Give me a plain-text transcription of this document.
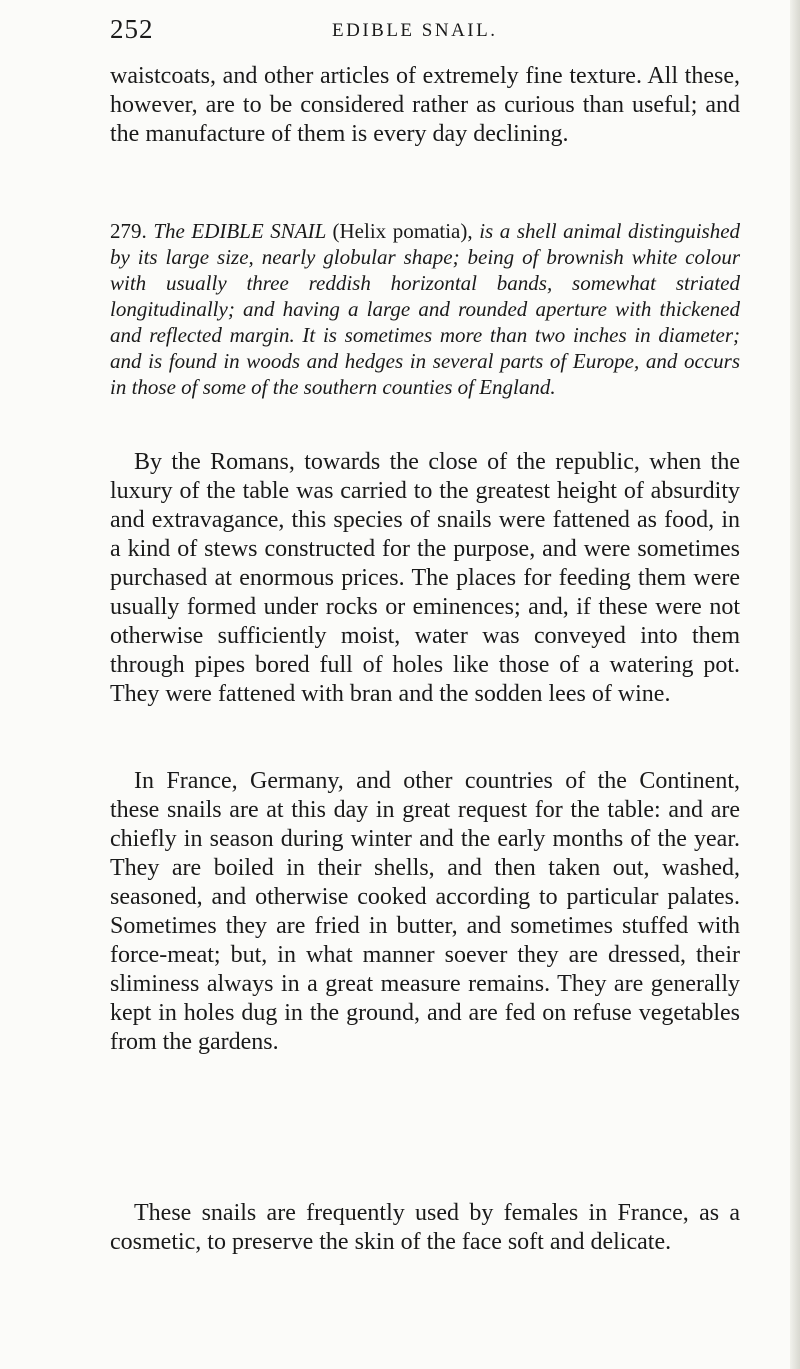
252	EDIBLE SNAIL.

waistcoats, and other articles of extremely fine texture. All these, however, are to be considered rather as curious than useful; and the manufacture of them is every day declining.

279. The EDIBLE SNAIL (Helix pomatia), is a shell animal distinguished by its large size, nearly globular shape; being of brownish white colour with usually three reddish horizontal bands, somewhat striated longitudinally; and having a large and rounded aperture with thickened and reflected margin. It is sometimes more than two inches in diameter; and is found in woods and hedges in several parts of Europe, and occurs in those of some of the southern counties of England.

By the Romans, towards the close of the republic, when the luxury of the table was carried to the greatest height of absurdity and extravagance, this species of snails were fattened as food, in a kind of stews constructed for the purpose, and were sometimes purchased at enormous prices. The places for feeding them were usually formed under rocks or eminences; and, if these were not otherwise sufficiently moist, water was conveyed into them through pipes bored full of holes like those of a watering pot. They were fattened with bran and the sodden lees of wine.

In France, Germany, and other countries of the Continent, these snails are at this day in great request for the table: and are chiefly in season during winter and the early months of the year. They are boiled in their shells, and then taken out, washed, seasoned, and otherwise cooked according to particular palates. Sometimes they are fried in butter, and sometimes stuffed with force-meat; but, in what manner soever they are dressed, their sliminess always in a great measure remains. They are generally kept in holes dug in the ground, and are fed on refuse vegetables from the gardens.

These snails are frequently used by females in France, as a cosmetic, to preserve the skin of the face soft and delicate.
